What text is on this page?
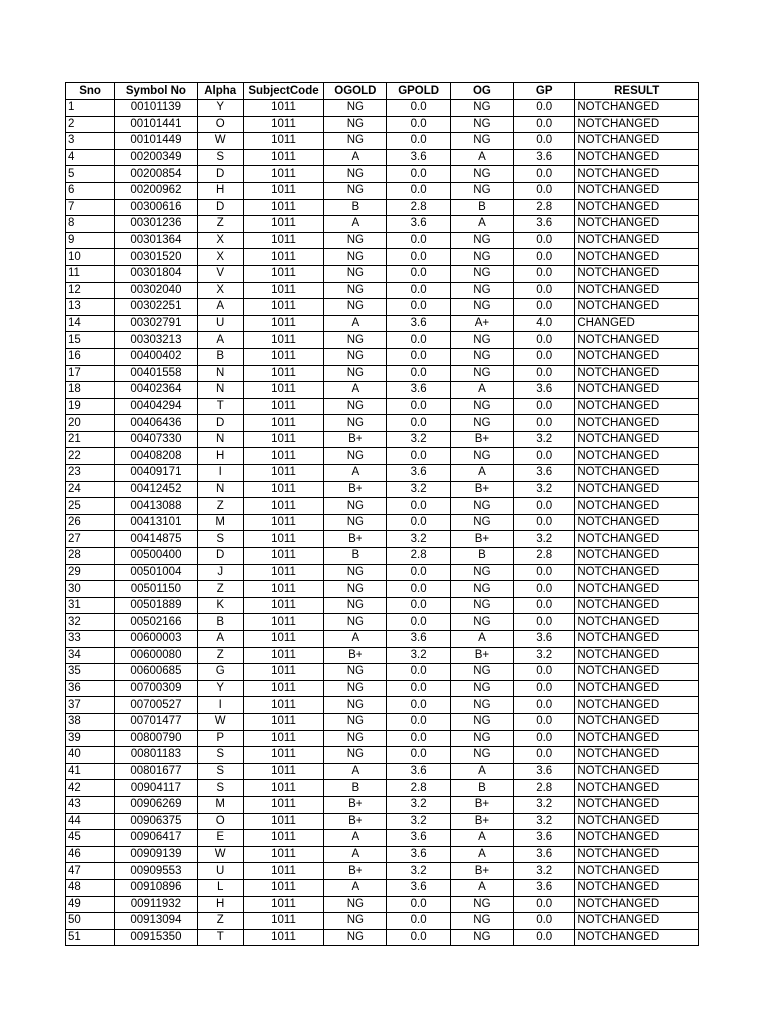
Sno	Symbol No	Alpha	SubjectCode	OGOLD	GPOLD	OG	GP	RESULT
1	00101139	Y	1011	NG	0.0	NG	0.0	NOTCHANGED
2	00101441	O	1011	NG	0.0	NG	0.0	NOTCHANGED
3	00101449	W	1011	NG	0.0	NG	0.0	NOTCHANGED
4	00200349	S	1011	A	3.6	A	3.6	NOTCHANGED
5	00200854	D	1011	NG	0.0	NG	0.0	NOTCHANGED
6	00200962	H	1011	NG	0.0	NG	0.0	NOTCHANGED
7	00300616	D	1011	B	2.8	B	2.8	NOTCHANGED
8	00301236	Z	1011	A	3.6	A	3.6	NOTCHANGED
9	00301364	X	1011	NG	0.0	NG	0.0	NOTCHANGED
10	00301520	X	1011	NG	0.0	NG	0.0	NOTCHANGED
11	00301804	V	1011	NG	0.0	NG	0.0	NOTCHANGED
12	00302040	X	1011	NG	0.0	NG	0.0	NOTCHANGED
13	00302251	A	1011	NG	0.0	NG	0.0	NOTCHANGED
14	00302791	U	1011	A	3.6	A+	4.0	CHANGED
15	00303213	A	1011	NG	0.0	NG	0.0	NOTCHANGED
16	00400402	B	1011	NG	0.0	NG	0.0	NOTCHANGED
17	00401558	N	1011	NG	0.0	NG	0.0	NOTCHANGED
18	00402364	N	1011	A	3.6	A	3.6	NOTCHANGED
19	00404294	T	1011	NG	0.0	NG	0.0	NOTCHANGED
20	00406436	D	1011	NG	0.0	NG	0.0	NOTCHANGED
21	00407330	N	1011	B+	3.2	B+	3.2	NOTCHANGED
22	00408208	H	1011	NG	0.0	NG	0.0	NOTCHANGED
23	00409171	I	1011	A	3.6	A	3.6	NOTCHANGED
24	00412452	N	1011	B+	3.2	B+	3.2	NOTCHANGED
25	00413088	Z	1011	NG	0.0	NG	0.0	NOTCHANGED
26	00413101	M	1011	NG	0.0	NG	0.0	NOTCHANGED
27	00414875	S	1011	B+	3.2	B+	3.2	NOTCHANGED
28	00500400	D	1011	B	2.8	B	2.8	NOTCHANGED
29	00501004	J	1011	NG	0.0	NG	0.0	NOTCHANGED
30	00501150	Z	1011	NG	0.0	NG	0.0	NOTCHANGED
31	00501889	K	1011	NG	0.0	NG	0.0	NOTCHANGED
32	00502166	B	1011	NG	0.0	NG	0.0	NOTCHANGED
33	00600003	A	1011	A	3.6	A	3.6	NOTCHANGED
34	00600080	Z	1011	B+	3.2	B+	3.2	NOTCHANGED
35	00600685	G	1011	NG	0.0	NG	0.0	NOTCHANGED
36	00700309	Y	1011	NG	0.0	NG	0.0	NOTCHANGED
37	00700527	I	1011	NG	0.0	NG	0.0	NOTCHANGED
38	00701477	W	1011	NG	0.0	NG	0.0	NOTCHANGED
39	00800790	P	1011	NG	0.0	NG	0.0	NOTCHANGED
40	00801183	S	1011	NG	0.0	NG	0.0	NOTCHANGED
41	00801677	S	1011	A	3.6	A	3.6	NOTCHANGED
42	00904117	S	1011	B	2.8	B	2.8	NOTCHANGED
43	00906269	M	1011	B+	3.2	B+	3.2	NOTCHANGED
44	00906375	O	1011	B+	3.2	B+	3.2	NOTCHANGED
45	00906417	E	1011	A	3.6	A	3.6	NOTCHANGED
46	00909139	W	1011	A	3.6	A	3.6	NOTCHANGED
47	00909553	U	1011	B+	3.2	B+	3.2	NOTCHANGED
48	00910896	L	1011	A	3.6	A	3.6	NOTCHANGED
49	00911932	H	1011	NG	0.0	NG	0.0	NOTCHANGED
50	00913094	Z	1011	NG	0.0	NG	0.0	NOTCHANGED
51	00915350	T	1011	NG	0.0	NG	0.0	NOTCHANGED
